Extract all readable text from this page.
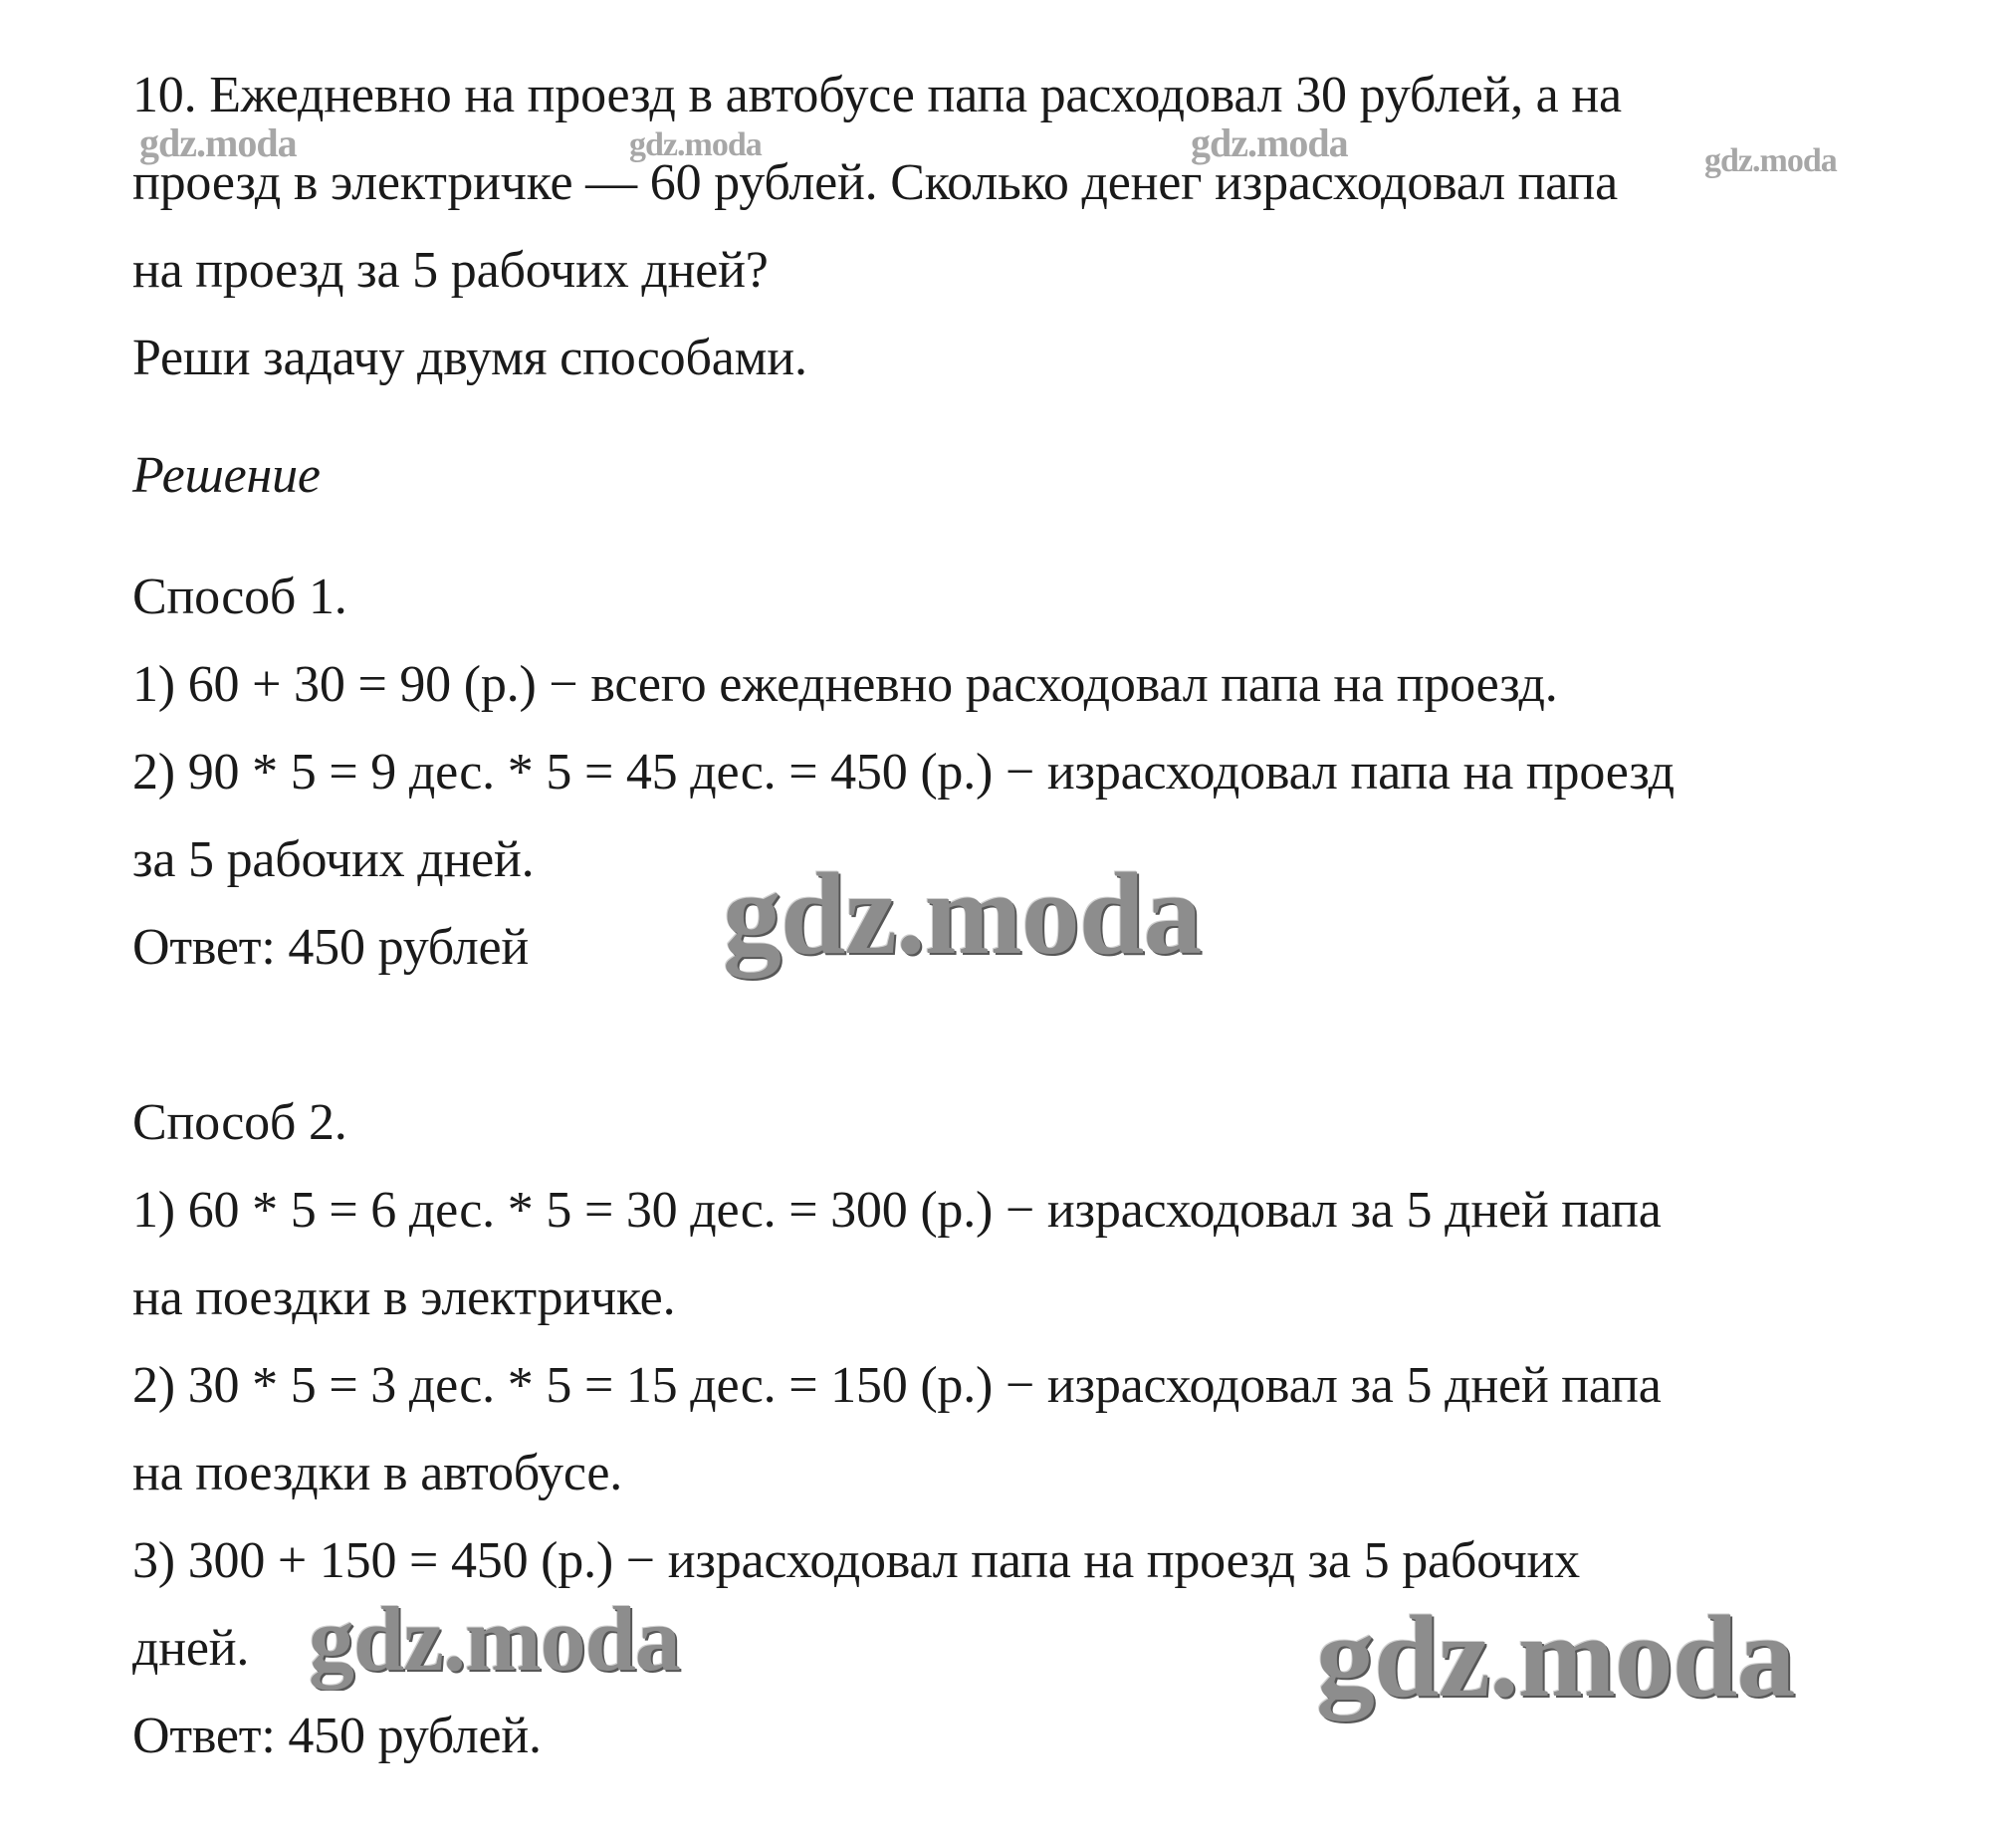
10. Ежедневно на проезд в автобусе папа расходовал 30 рублей, а на
проезд в электричке — 60 рублей. Сколько денег израсходовал папа
на проезд за 5 рабочих дней?
Реши задачу двумя способами.
Решение
Способ 1.
1) 60 + 30 = 90 (р.) − всего ежедневно расходовал папа на проезд.
2) 90 * 5 = 9 дес. * 5 = 45 дес. = 450 (р.) − израсходовал папа на проезд
за 5 рабочих дней.
Ответ: 450 рублей
Способ 2.
1) 60 * 5 = 6 дес. * 5 = 30 дес. = 300 (р.) − израсходовал за 5 дней папа
на поездки в электричке.
2) 30 * 5 = 3 дес. * 5 = 15 дес. = 150 (р.) − израсходовал за 5 дней папа
на поездки в автобусе.
3) 300 + 150 = 450 (р.) − израсходовал папа на проезд за 5 рабочих
дней.
Ответ: 450 рублей.
gdz.moda	gdz.moda	gdz.moda	gdz.moda
gdz.moda
gdz.moda	gdz.moda
